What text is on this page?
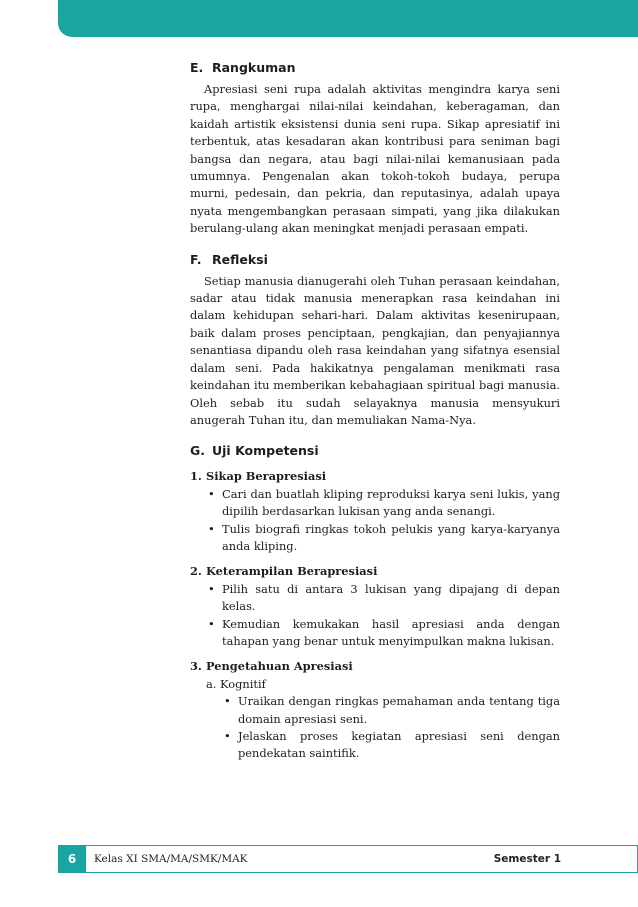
E. Rangkuman

Apresiasi seni rupa adalah aktivitas mengindra karya seni rupa, menghargai nilai-nilai keindahan, keberagaman, dan kaidah artistik eksistensi dunia seni rupa. Sikap apresiatif ini terbentuk, atas kesadaran akan kontribusi para seniman bagi bangsa dan negara, atau bagi nilai-nilai kemanusiaan pada umumnya. Pengenalan akan tokoh-tokoh budaya, perupa murni, pedesain, dan pekria, dan reputasinya, adalah upaya nyata mengembangkan perasaan simpati, yang jika dilakukan berulang-ulang akan meningkat menjadi perasaan empati.

F. Refleksi

Setiap manusia dianugerahi oleh Tuhan perasaan keindahan, sadar atau tidak manusia menerapkan rasa keindahan ini dalam kehidupan sehari-hari. Dalam aktivitas kesenirupaan, baik dalam proses penciptaan, pengkajian, dan penyajiannya senantiasa dipandu oleh rasa keindahan yang sifatnya esensial dalam seni. Pada hakikatnya pengalaman menikmati rasa keindahan itu memberikan kebahagiaan spiritual bagi manusia. Oleh sebab itu sudah selayaknya manusia mensyukuri anugerah Tuhan itu, dan memuliakan Nama-Nya.

G. Uji Kompetensi
1. Sikap Berapresiasi
• Cari dan buatlah kliping reproduksi karya seni lukis, yang dipilih berdasarkan lukisan yang anda senangi.
• Tulis biografi ringkas tokoh pelukis yang karya-karyanya anda kliping.
2. Keterampilan Berapresiasi
• Pilih satu di antara 3 lukisan yang dipajang di depan kelas.
• Kemudian kemukakan hasil apresiasi anda dengan tahapan yang benar untuk menyimpulkan makna lukisan.
3. Pengetahuan Apresiasi
a. Kognitif
• Uraikan dengan ringkas pemahaman anda tentang tiga domain apresiasi seni.
• Jelaskan proses kegiatan apresiasi seni dengan pendekatan saintifik.
6	Kelas XI SMA/MA/SMK/MAK	Semester 1
